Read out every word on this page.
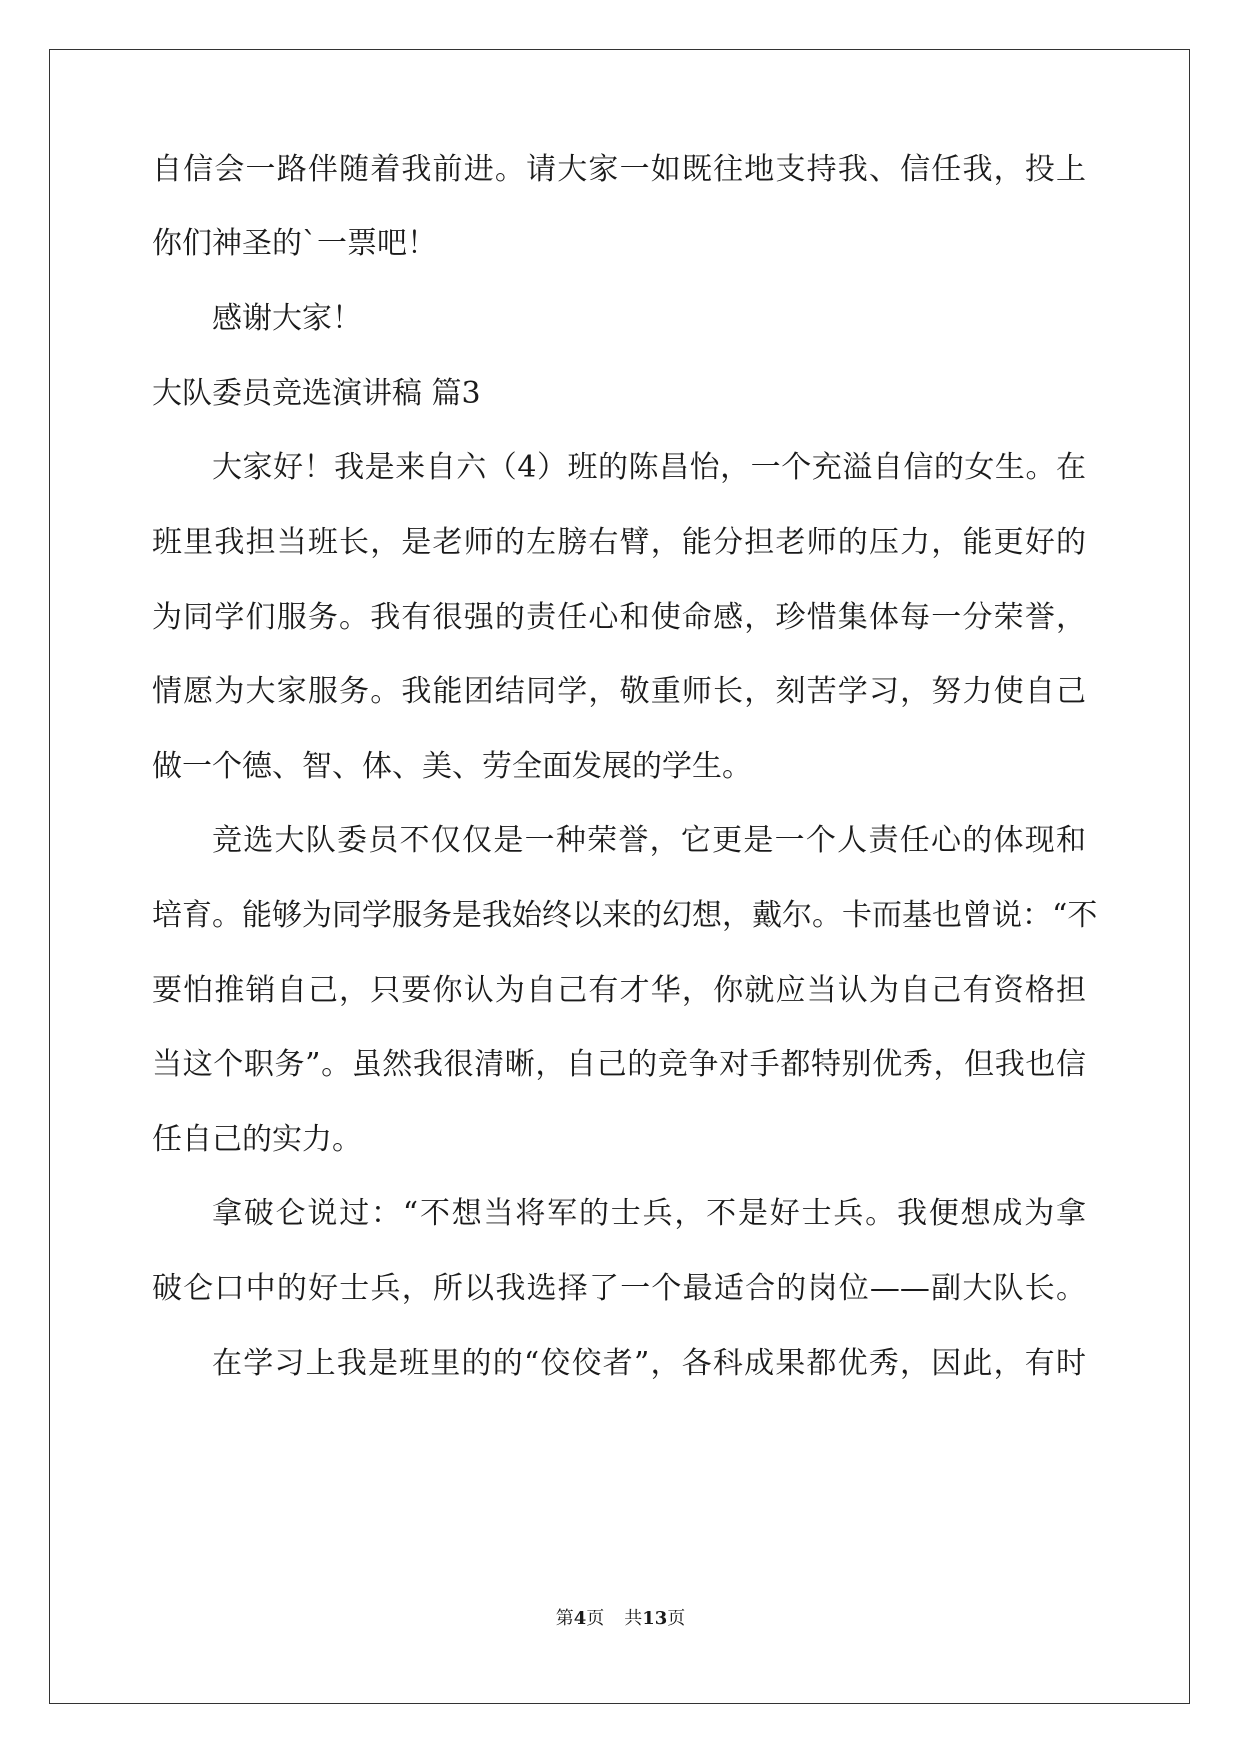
自信会一路伴随着我前进。请大家一如既往地支持我、信任我，投上
你们神圣的`一票吧！
感谢大家！
大队委员竞选演讲稿 篇3
大家好！我是来自六（4）班的陈昌怡，一个充溢自信的女生。在
班里我担当班长，是老师的左膀右臂，能分担老师的压力，能更好的
为同学们服务。我有很强的责任心和使命感，珍惜集体每一分荣誉，
情愿为大家服务。我能团结同学，敬重师长，刻苦学习，努力使自己
做一个德、智、体、美、劳全面发展的学生。
竞选大队委员不仅仅是一种荣誉，它更是一个人责任心的体现和
培育。能够为同学服务是我始终以来的幻想，戴尔。卡而基也曾说：“不
要怕推销自己，只要你认为自己有才华，你就应当认为自己有资格担
当这个职务”。虽然我很清晰，自己的竞争对手都特别优秀，但我也信
任自己的实力。
拿破仑说过：“不想当将军的士兵，不是好士兵。我便想成为拿
破仑口中的好士兵，所以我选择了一个最适合的岗位——副大队长。
在学习上我是班里的的“佼佼者”，各科成果都优秀，因此，有时
第4页 共13页
